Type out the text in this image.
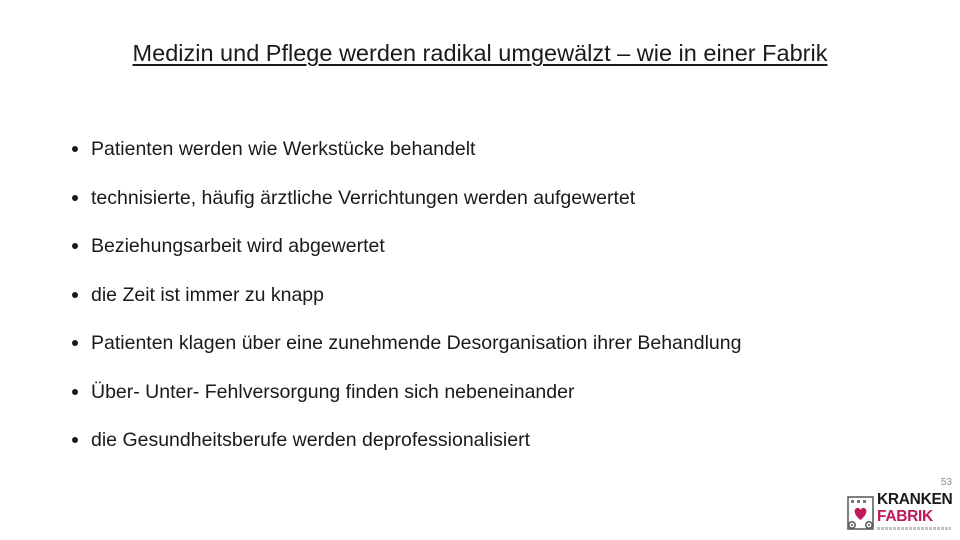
Medizin und Pflege werden radikal umgewälzt – wie in einer Fabrik
Patienten werden wie Werkstücke behandelt
technisierte, häufig ärztliche Verrichtungen werden aufgewertet
Beziehungsarbeit wird abgewertet
die Zeit ist immer zu knapp
Patienten klagen über eine zunehmende Desorganisation ihrer Behandlung
Über- Unter- Fehlversorgung finden sich nebeneinander
die Gesundheitsberufe werden deprofessionalisiert
53
KRANKEN
FABRIK
